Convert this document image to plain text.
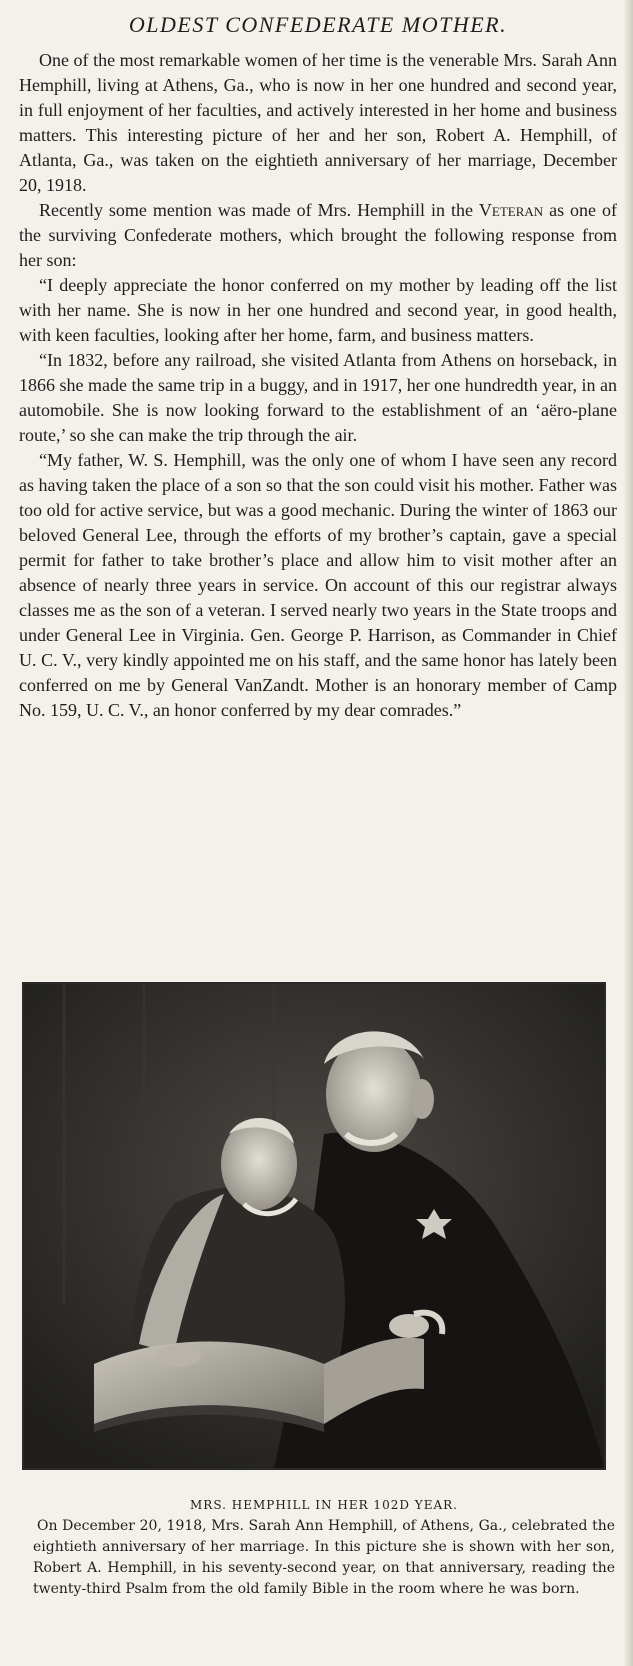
OLDEST CONFEDERATE MOTHER.

One of the most remarkable women of her time is the venerable Mrs. Sarah Ann Hemphill, living at Athens, Ga., who is now in her one hundred and second year, in full enjoyment of her faculties, and actively interested in her home and business matters. This interesting picture of her and her son, Robert A. Hemphill, of Atlanta, Ga., was taken on the eightieth anniversary of her marriage, December 20, 1918.

Recently some mention was made of Mrs. Hemphill in the Veteran as one of the surviving Confederate mothers, which brought the following response from her son:

“I deeply appreciate the honor conferred on my mother by leading off the list with her name. She is now in her one hundred and second year, in good health, with keen faculties, looking after her home, farm, and business matters.

“In 1832, before any railroad, she visited Atlanta from Athens on horseback, in 1866 she made the same trip in a buggy, and in 1917, her one hundredth year, in an automobile. She is now looking forward to the establishment of an ‘aëro-plane route,’ so she can make the trip through the air.

“My father, W. S. Hemphill, was the only one of whom I have seen any record as having taken the place of a son so that the son could visit his mother. Father was too old for active service, but was a good mechanic. During the winter of 1863 our beloved General Lee, through the efforts of my brother’s captain, gave a special permit for father to take brother’s place and allow him to visit mother after an absence of nearly three years in service. On account of this our registrar always classes me as the son of a veteran. I served nearly two years in the State troops and under General Lee in Virginia. Gen. George P. Harrison, as Commander in Chief U. C. V., very kindly appointed me on his staff, and the same honor has lately been conferred on me by General VanZandt. Mother is an honorary member of Camp No. 159, U. C. V., an honor conferred by my dear comrades.”

MRS. HEMPHILL IN HER 102D YEAR.

On December 20, 1918, Mrs. Sarah Ann Hemphill, of Athens, Ga., celebrated the eightieth anniversary of her marriage. In this picture she is shown with her son, Robert A. Hemphill, in his seventy-second year, on that anniversary, reading the twenty-third Psalm from the old family Bible in the room where he was born.
